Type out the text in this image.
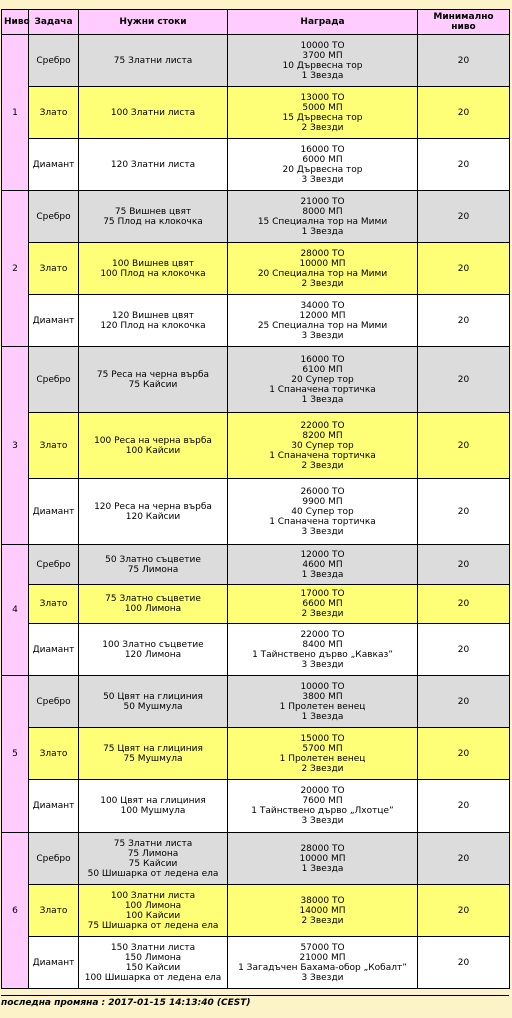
Ниво	Задача	Нужни стоки	Награда	Минимално ниво
1	Сребро	75 Златни листа	10000 ТО
3700 МП
10 Дървесна тор
1 Звезда	20
	Злато	100 Златни листа	13000 ТО
5000 МП
15 Дървесна тор
2 Звезди	20
	Диамант	120 Златни листа	16000 ТО
6000 МП
20 Дървесна тор
3 Звезди	20
2	Сребро	75 Вишнев цвят
75 Плод на клокочка	21000 ТО
8000 МП
15 Специална тор на Мими
1 Звезда	20
	Злато	100 Вишнев цвят
100 Плод на клокочка	28000 ТО
10000 МП
20 Специална тор на Мими
2 Звезди	20
	Диамант	120 Вишнев цвят
120 Плод на клокочка	34000 ТО
12000 МП
25 Специална тор на Мими
3 Звезди	20
3	Сребро	75 Реса на черна върба
75 Кайсии	16000 ТО
6100 МП
20 Супер тор
1 Спаначена тортичка
1 Звезда	20
	Злато	100 Реса на черна върба
100 Кайсии	22000 ТО
8200 МП
30 Супер тор
1 Спаначена тортичка
2 Звезди	20
	Диамант	120 Реса на черна върба
120 Кайсии	26000 ТО
9900 МП
40 Супер тор
1 Спаначена тортичка
3 Звезди	20
4	Сребро	50 Златно съцветие
75 Лимона	12000 ТО
4600 МП
1 Звезда	20
	Злато	75 Златно съцветие
100 Лимона	17000 ТО
6600 МП
2 Звезди	20
	Диамант	100 Златно съцветие
120 Лимона	22000 ТО
8400 МП
1 Тайнствено дърво „Кавказ”
3 Звезди	20
5	Сребро	50 Цвят на глициния
50 Мушмула	10000 ТО
3800 МП
1 Пролетен венец
1 Звезда	20
	Злато	75 Цвят на глициния
75 Мушмула	15000 ТО
5700 МП
1 Пролетен венец
2 Звезди	20
	Диамант	100 Цвят на глициния
100 Мушмула	20000 ТО
7600 МП
1 Тайнствено дърво „Лхотце”
3 Звезди	20
6	Сребро	75 Златни листа
75 Лимона
75 Кайсии
50 Шишарка от ледена ела	28000 ТО
10000 МП
1 Звезда	20
	Злато	100 Златни листа
100 Лимона
100 Кайсии
75 Шишарка от ледена ела	38000 ТО
14000 МП
2 Звезди	20
	Диамант	150 Златни листа
150 Лимона
150 Кайсии
100 Шишарка от ледена ела	57000 ТО
21000 МП
1 Загадъчен Бахама-обор „Кобалт”
3 Звезди	20
последна промяна : 2017-01-15 14:13:40 (CEST)
